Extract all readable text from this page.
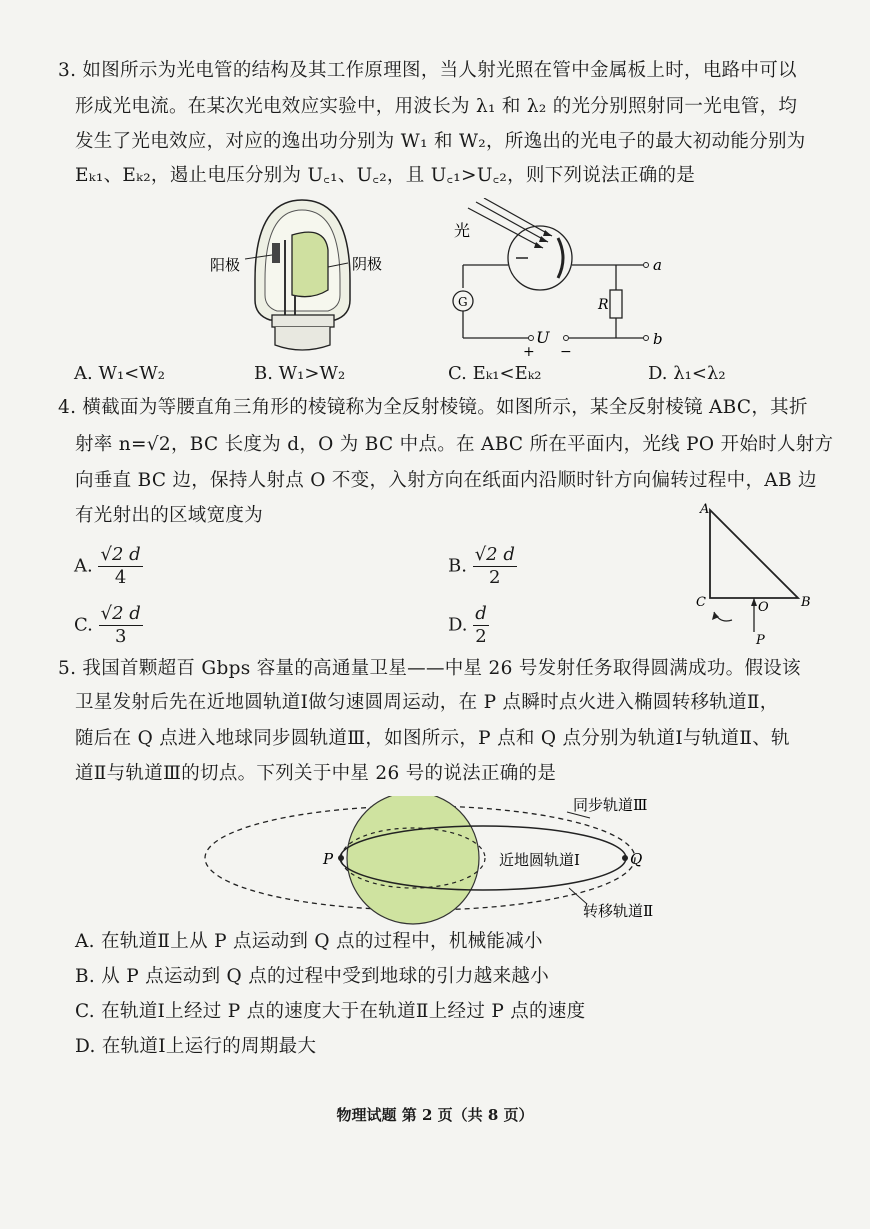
3. 如图所示为光电管的结构及其工作原理图，当人射光照在管中金属板上时，电路中可以
形成光电流。在某次光电效应实验中，用波长为 λ₁ 和 λ₂ 的光分别照射同一光电管，均
发生了光电效应，对应的逸出功分别为 W₁ 和 W₂，所逸出的光电子的最大初动能分别为
Eₖ₁、Eₖ₂，遏止电压分别为 U꜀₁、U꜀₂，且 U꜀₁>U꜀₂，则下列说法正确的是
阳极	阴极
光
G
U
+ −
R
a
b
A. W₁<W₂	B. W₁>W₂	C. Eₖ₁<Eₖ₂	D. λ₁<λ₂
4. 横截面为等腰直角三角形的棱镜称为全反射棱镜。如图所示，某全反射棱镜 ABC，其折
射率 n=√2，BC 长度为 d，O 为 BC 中点。在 ABC 所在平面内，光线 PO 开始时人射方
向垂直 BC 边，保持人射点 O 不变，入射方向在纸面内沿顺时针方向偏转过程中，AB 边
有光射出的区域宽度为
A. $\frac{√2 d}{4}$	B. $\frac{√2 d}{2}$
C. $\frac{√2 d}{3}$	D. $\frac{d}{2}$
A
C	B
O
P
5. 我国首颗超百 Gbps 容量的高通量卫星——中星 26 号发射任务取得圆满成功。假设该
卫星发射后先在近地圆轨道Ⅰ做匀速圆周运动，在 P 点瞬时点火进入椭圆转移轨道Ⅱ，
随后在 Q 点进入地球同步圆轨道Ⅲ，如图所示，P 点和 Q 点分别为轨道Ⅰ与轨道Ⅱ、轨
道Ⅱ与轨道Ⅲ的切点。下列关于中星 26 号的说法正确的是
P	Q
近地圆轨道Ⅰ
同步轨道Ⅲ
转移轨道Ⅱ
A. 在轨道Ⅱ上从 P 点运动到 Q 点的过程中，机械能减小
B. 从 P 点运动到 Q 点的过程中受到地球的引力越来越小
C. 在轨道Ⅰ上经过 P 点的速度大于在轨道Ⅱ上经过 P 点的速度
D. 在轨道Ⅰ上运行的周期最大
物理试题 第 2 页（共 8 页）
